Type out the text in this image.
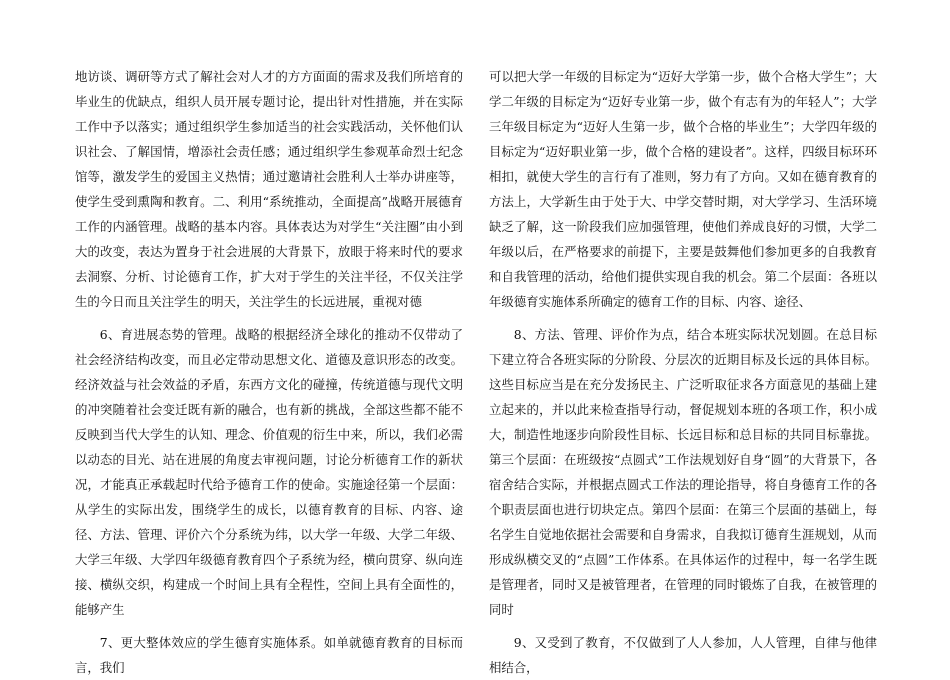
地访谈、调研等方式了解社会对人才的方方面面的需求及我们所培育的毕业生的优缺点，组织人员开展专题讨论，提出针对性措施，并在实际工作中予以落实；通过组织学生参加适当的社会实践活动，关怀他们认识社会、了解国情，增添社会责任感；通过组织学生参观革命烈士纪念馆等，激发学生的爱国主义热情；通过邀请社会胜利人士举办讲座等，使学生受到熏陶和教育。二、利用“系统推动，全面提高”战略开展德育工作的内涵管理。战略的基本内容。具体表达为对学生“关注圈”由小到大的改变，表达为置身于社会进展的大背景下，放眼于将来时代的要求去洞察、分析、讨论德育工作，扩大对于学生的关注半径，不仅关注学生的今日而且关注学生的明天，关注学生的长远进展，重视对德

6、育进展态势的管理。战略的根据经济全球化的推动不仅带动了社会经济结构改变，而且必定带动思想文化、道德及意识形态的改变。经济效益与社会效益的矛盾，东西方文化的碰撞，传统道德与现代文明的冲突随着社会变迁既有新的融合，也有新的挑战，全部这些都不能不反映到当代大学生的认知、理念、价值观的衍生中来，所以，我们必需以动态的目光、站在进展的角度去审视问题，讨论分析德育工作的新状况，才能真正承载起时代给予德育工作的使命。实施途径第一个层面：从学生的实际出发，围绕学生的成长，以德育教育的目标、内容、途径、方法、管理、评价六个分系统为纬，以大学一年级、大学二年级、大学三年级、大学四年级德育教育四个子系统为经，横向贯穿、纵向连接、横纵交织，构建成一个时间上具有全程性，空间上具有全面性的，能够产生

7、更大整体效应的学生德育实施体系。如单就德育教育的目标而言，我们

可以把大学一年级的目标定为“迈好大学第一步，做个合格大学生”；大学二年级的目标定为“迈好专业第一步，做个有志有为的年轻人”；大学三年级目标定为“迈好人生第一步，做个合格的毕业生”；大学四年级的目标定为“迈好职业第一步，做个合格的建设者”。这样，四级目标环环相扣，就使大学生的言行有了准则，努力有了方向。又如在德育教育的方法上，大学新生由于处于大、中学交替时期，对大学学习、生活环境缺乏了解，这一阶段我们应加强管理，使他们养成良好的习惯，大学二年级以后，在严格要求的前提下，主要是鼓舞他们参加更多的自我教育和自我管理的活动，给他们提供实现自我的机会。第二个层面：各班以年级德育实施体系所确定的德育工作的目标、内容、途径、

8、方法、管理、评价作为点，结合本班实际状况划圆。在总目标下建立符合各班实际的分阶段、分层次的近期目标及长远的具体目标。这些目标应当是在充分发扬民主、广泛听取征求各方面意见的基础上建立起来的，并以此来检查指导行动，督促规划本班的各项工作，积小成大，制造性地逐步向阶段性目标、长远目标和总目标的共同目标靠拢。第三个层面：在班级按“点圆式”工作法规划好自身“圆”的大背景下，各宿舍结合实际，并根据点圆式工作法的理论指导，将自身德育工作的各个职责层面也进行切块定点。第四个层面：在第三个层面的基础上，每名学生自觉地依据社会需要和自身需求，自我拟订德育生涯规划，从而形成纵横交叉的“点圆”工作体系。在具体运作的过程中，每一名学生既是管理者，同时又是被管理者，在管理的同时锻炼了自我，在被管理的同时

9、又受到了教育，不仅做到了人人参加，人人管理，自律与他律相结合，
